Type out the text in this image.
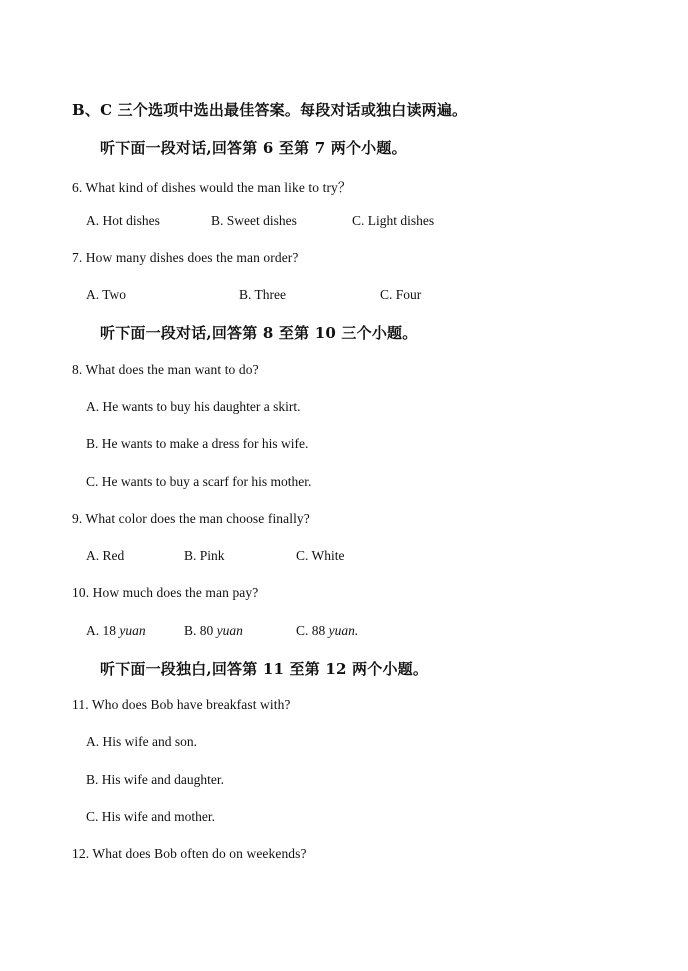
B、C 三个选项中选出最佳答案。每段对话或独白读两遍。
听下面一段对话,回答第 6 至第 7 两个小题。
6. What kind of dishes would the man like to try？
A. Hot dishes	B. Sweet dishes	C. Light dishes
7. How many dishes does the man order?
A. Two	B. Three	C. Four
听下面一段对话,回答第 8 至第 10 三个小题。
8. What does the man want to do?
A. He wants to buy his daughter a skirt.
B. He wants to make a dress for his wife.
C. He wants to buy a scarf for his mother.
9. What color does the man choose finally?
A. Red	B. Pink	C. White
10. How much does the man pay?
A. 18 yuan	B. 80 yuan	C. 88 yuan.
听下面一段独白,回答第 11 至第 12 两个小题。
11. Who does Bob have breakfast with?
A. His wife and son.
B. His wife and daughter.
C. His wife and mother.
12. What does Bob often do on weekends?
